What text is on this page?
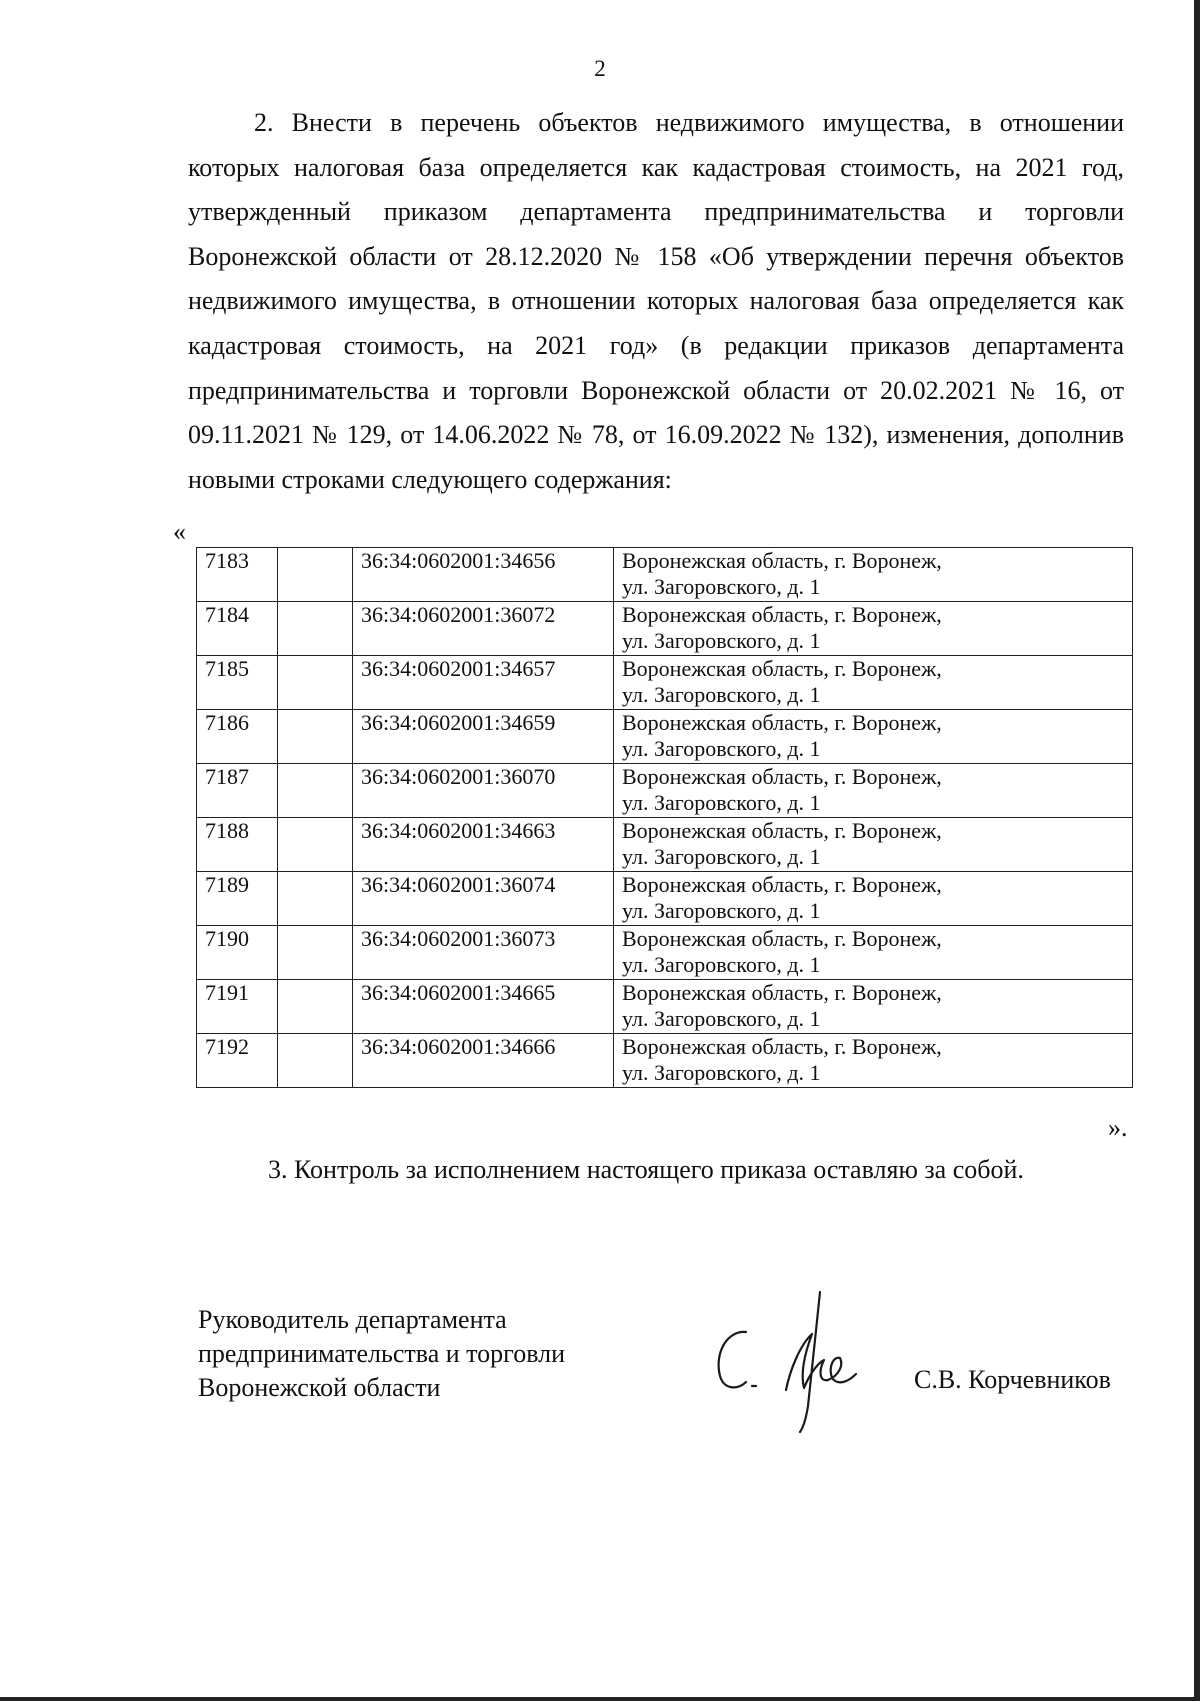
2

2. Внести в перечень объектов недвижимого имущества, в отношении которых налоговая база определяется как кадастровая стоимость, на 2021 год, утвержденный приказом департамента предпринимательства и торговли Воронежской области от 28.12.2020 № 158 «Об утверждении перечня объектов недвижимого имущества, в отношении которых налоговая база определяется как кадастровая стоимость, на 2021 год» (в редакции приказов департамента предпринимательства и торговли Воронежской области от 20.02.2021 № 16, от 09.11.2021 № 129, от 14.06.2022 № 78, от 16.09.2022 № 132), изменения, дополнив новыми строками следующего содержания:

«
7183		36:34:0602001:34656	Воронежская область, г. Воронеж,
ул. Загоровского, д. 1

7184		36:34:0602001:36072	Воронежская область, г. Воронеж,
ул. Загоровского, д. 1

7185		36:34:0602001:34657	Воронежская область, г. Воронеж,
ул. Загоровского, д. 1

7186		36:34:0602001:34659	Воронежская область, г. Воронеж,
ул. Загоровского, д. 1

7187		36:34:0602001:36070	Воронежская область, г. Воронеж,
ул. Загоровского, д. 1

7188		36:34:0602001:34663	Воронежская область, г. Воронеж,
ул. Загоровского, д. 1

7189		36:34:0602001:36074	Воронежская область, г. Воронеж,
ул. Загоровского, д. 1

7190		36:34:0602001:36073	Воронежская область, г. Воронеж,
ул. Загоровского, д. 1

7191		36:34:0602001:34665	Воронежская область, г. Воронеж,
ул. Загоровского, д. 1

7192		36:34:0602001:34666	Воронежская область, г. Воронеж,
ул. Загоровского, д. 1
».

3. Контроль за исполнением настоящего приказа оставляю за собой.

Руководитель департамента
предпринимательства и торговли
Воронежской области	С.В. Корчевников
